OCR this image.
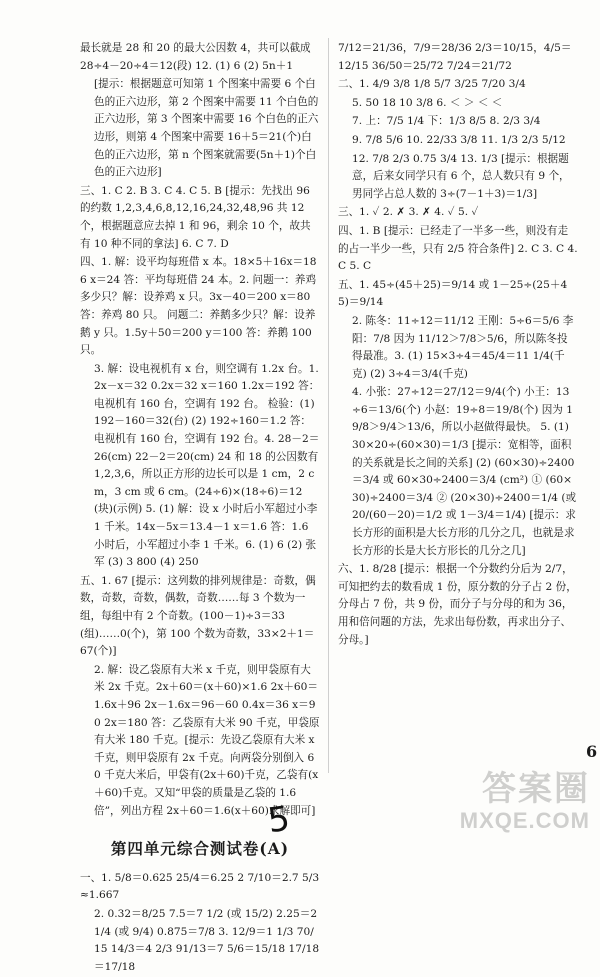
最长就是 28 和 20 的最大公因数 4，共可以截成 28÷4－20÷4＝12(段) 12. (1) 6 (2) 5n＋1

[提示：根据题意可知第 1 个图案中需要 6 个白色的正六边形，第 2 个图案中需要 11 个白色的正六边形，第 3 个图案中需要 16 个白色的正六边形，则第 4 个图案中需要 16＋5＝21(个)白色的正六边形，第 n 个图案就需要(5n＋1)个白色的正六边形]

三、1. C 2. B 3. C 4. C 5. B [提示：先找出 96 的约数 1,2,3,4,6,8,12,16,24,32,48,96 共 12 个，根据题意应去掉 1 和 96，剩余 10 个，故共有 10 种不同的拿法] 6. C 7. D

四、1. 解：设平均每班借 x 本。18×5＋16x＝186 x＝24 答：平均每班借 24 本。2. 问题一：养鸡多少只？解：设养鸡 x 只。3x－40＝200 x＝80 答：养鸡 80 只。 问题二：养鹅多少只？解：设养鹅 y 只。1.5y＋50＝200 y＝100 答：养鹅 100 只。

3. 解：设电视机有 x 台，则空调有 1.2x 台。1.2x－x＝32 0.2x＝32 x＝160 1.2x＝192 答：电视机有 160 台，空调有 192 台。 检验：(1) 192－160＝32(台) (2) 192÷160＝1.2 答：电视机有 160 台，空调有 192 台。4. 28－2＝26(cm) 22－2＝20(cm) 24 和 18 的公因数有 1,2,3,6，所以正方形的边长可以是 1 cm，2 cm，3 cm 或 6 cm。(24÷6)×(18÷6)＝12(块)(示例) 5. (1) 解：设 x 小时后小军超过小李 1 千米。14x－5x＝13.4－1 x＝1.6 答：1.6 小时后，小军超过小李 1 千米。6. (1) 6 (2) 张军 (3) 3 800 (4) 250

五、1. 67 [提示：这列数的排列规律是：奇数，偶数，奇数，奇数，偶数，奇数……每 3 个数为一组，每组中有 2 个奇数。(100－1)÷3＝33(组)……0(个)，第 100 个数为奇数，33×2＋1＝67(个)]

2. 解：设乙袋原有大米 x 千克，则甲袋原有大米 2x 千克。2x＋60＝(x＋60)×1.6 2x＋60＝1.6x＋96 2x－1.6x＝96－60 0.4x＝36 x＝90 2x＝180 答：乙袋原有大米 90 千克，甲袋原有大米 180 千克。[提示：先设乙袋原有大米 x 千克，则甲袋原有 2x 千克。向两袋分别倒入 60 千克大米后，甲袋有(2x＋60)千克，乙袋有(x＋60)千克。又知“甲袋的质量是乙袋的 1.6 倍”，列出方程 2x＋60＝1.6(x＋60)求解即可]

第四单元综合测试卷(A)

一、1. 5/8＝0.625 25/4＝6.25 2 7/10＝2.7 5/3≈1.667

2. 0.32＝8/25 7.5＝7 1/2 (或 15/2) 2.25＝2 1/4 (或 9/4) 0.875＝7/8 3. 12/9＝1 1/3 70/15 14/3＝4 2/3 91/13＝7 5/6＝15/18 17/18＝17/18

7/12＝21/36，7/9＝28/36 2/3＝10/15，4/5＝12/15 36/50＝25/72 7/24＝21/72

二、1. 4/9 3/8 1/8 5/7 3/25 7/20 3/4

5. 50 18 10 3/8 6. ＜ ＞ ＜ ＜

7. 上：7/5 1/4 下：1/3 8/5 8. 2/3 3/4

9. 7/8 5/6 10. 22/33 3/8 11. 1/3 2/3 5/12

12. 7/8 2/3 0.75 3/4 13. 1/3 [提示：根据题意，后来女同学只有 6 个，总人数只有 9 个，男同学占总人数的 3÷(7－1＋3)＝1/3]

三、1. ✓ 2. ✗ 3. ✗ 4. ✓ 5. ✓

四、1. B [提示：已经走了一半多一些，则没有走的占一半少一些，只有 2/5 符合条件] 2. C 3. C 4. C 5. C

五、1. 45÷(45＋25)＝9/14 或 1－25÷(25＋45)＝9/14

2. 陈冬：11÷12＝11/12 王刚：5÷6＝5/6 李阳：7/8 因为 11/12＞7/8＞5/6，所以陈冬投得最准。3. (1) 15×3÷4＝45/4＝11 1/4(千克) (2) 3÷4＝3/4(千克)

4. 小张：27÷12＝27/12＝9/4(个) 小王：13÷6＝13/6(个) 小赵：19÷8＝19/8(个) 因为 19/8＞9/4＞13/6，所以小赵做得最快。 5. (1) 30×20÷(60×30)＝1/3 [提示：宽相等，面积的关系就是长之间的关系] (2) (60×30)÷2400＝3/4 或 60×30÷2400＝3/4 (cm²) ① (60×30)÷2400＝3/4 ② (20×30)÷2400＝1/4 (或 20/(60－20)＝1/2 或 1－3/4＝1/4) [提示：求长方形的面积是大长方形的几分之几，也就是求长方形的长是大长方形长的几分之几]

六、1. 8/28 [提示：根据一个分数约分后为 2/7，可知把约去的数看成 1 份，原分数的分子占 2 份，分母占 7 份，共 9 份，而分子与分母的和为 36，用和倍问题的方法，先求出每份数，再求出分子、分母。]

6
5
答案圈
MXQE.COM
